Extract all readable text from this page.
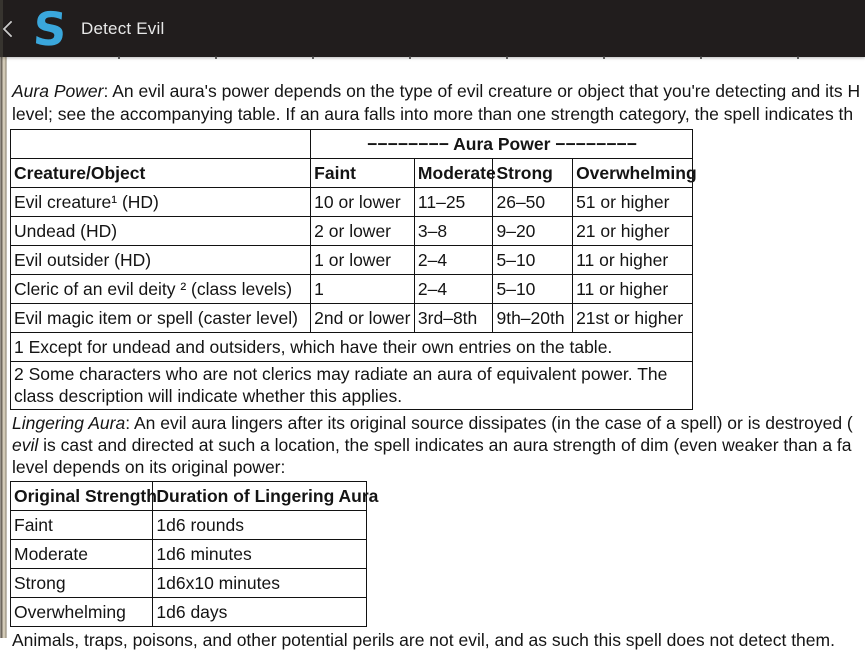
S Detect Evil

Aura Power: An evil aura's power depends on the type of evil creature or object that you're detecting and its H
level; see the accompanying table. If an aura falls into more than one strength category, the spell indicates th

	−−−−−−−− Aura Power −−−−−−−−			
Creature/Object	Faint	Moderate	Strong	Overwhelming
Evil creature¹ (HD)	10 or lower	11–25	26–50	51 or higher
Undead (HD)	2 or lower	3–8	9–20	21 or higher
Evil outsider (HD)	1 or lower	2–4	5–10	11 or higher
Cleric of an evil deity ² (class levels)	1	2–4	5–10	11 or higher
Evil magic item or spell (caster level)	2nd or lower	3rd–8th	9th–20th	21st or higher
1 Except for undead and outsiders, which have their own entries on the table.				
2 Some characters who are not clerics may radiate an aura of equivalent power. The class description will indicate whether this applies.				

Lingering Aura: An evil aura lingers after its original source dissipates (in the case of a spell) or is destroyed (
evil is cast and directed at such a location, the spell indicates an aura strength of dim (even weaker than a fa
level depends on its original power:

Original Strength	Duration of Lingering Aura
Faint	1d6 rounds
Moderate	1d6 minutes
Strong	1d6x10 minutes
Overwhelming	1d6 days
Animals, traps, poisons, and other potential perils are not evil, and as such this spell does not detect them.
